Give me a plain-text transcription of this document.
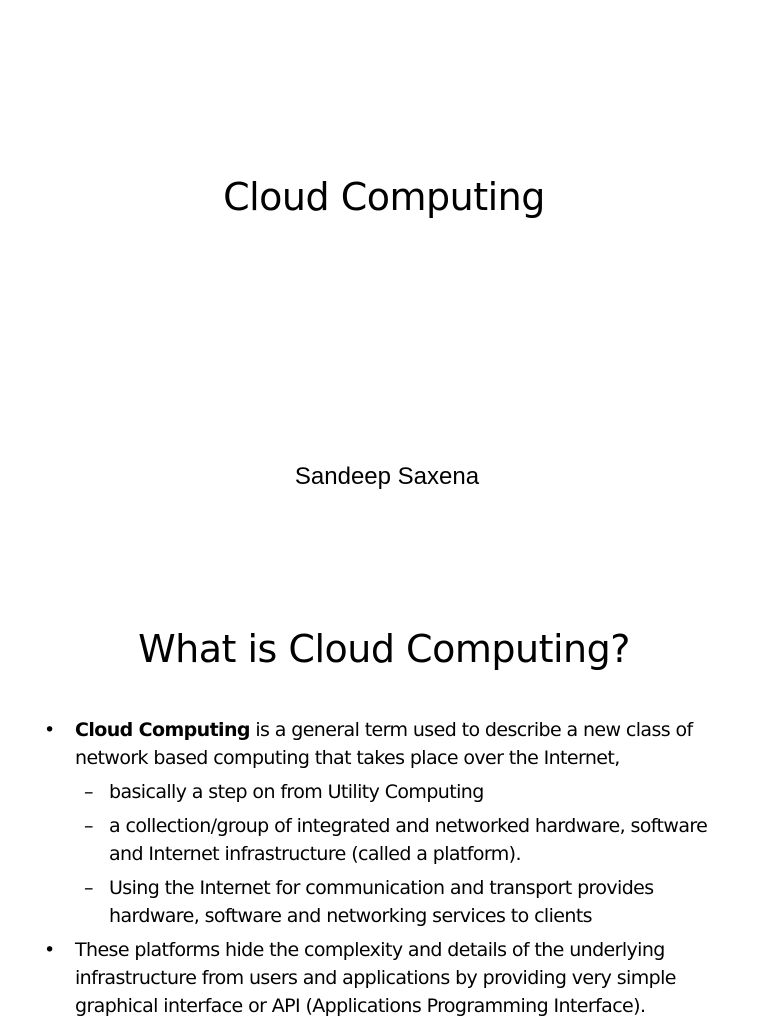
Cloud Computing
Sandeep Saxena
What is Cloud Computing?
• Cloud Computing is a general term used to describe a new class of network based computing that takes place over the Internet,
– basically a step on from Utility Computing
– a collection/group of integrated and networked hardware, software and Internet infrastructure (called a platform).
– Using the Internet for communication and transport provides hardware, software and networking services to clients
• These platforms hide the complexity and details of the underlying infrastructure from users and applications by providing very simple graphical interface or API (Applications Programming Interface).
